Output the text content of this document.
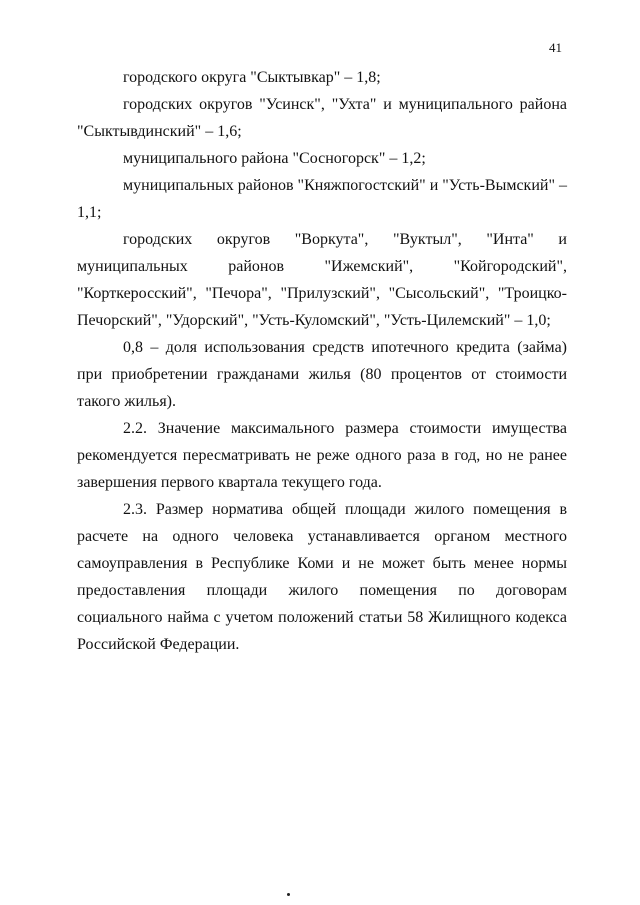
41

городского округа "Сыктывкар" – 1,8;

городских округов "Усинск", "Ухта" и муниципального района "Сыктывдинский" – 1,6;

муниципального района "Сосногорск" – 1,2;

муниципальных районов "Княжпогостский" и "Усть-Вымский" – 1,1;

городских округов "Воркута", "Вуктыл", "Инта" и муниципальных районов "Ижемский", "Койгородский", "Корткеросский", "Печора", "Прилузский", "Сысольский", "Троицко-Печорский", "Удорский", "Усть-Куломский", "Усть-Цилемский" – 1,0;

0,8 – доля использования средств ипотечного кредита (займа) при приобретении гражданами жилья (80 процентов от стоимости такого жилья).

2.2. Значение максимального размера стоимости имущества рекомендуется пересматривать не реже одного раза в год, но не ранее завершения первого квартала текущего года.

2.3. Размер норматива общей площади жилого помещения в расчете на одного человека устанавливается органом местного самоуправления в Республике Коми и не может быть менее нормы предоставления площади жилого помещения по договорам социального найма с учетом положений статьи 58 Жилищного кодекса Российской Федерации.
